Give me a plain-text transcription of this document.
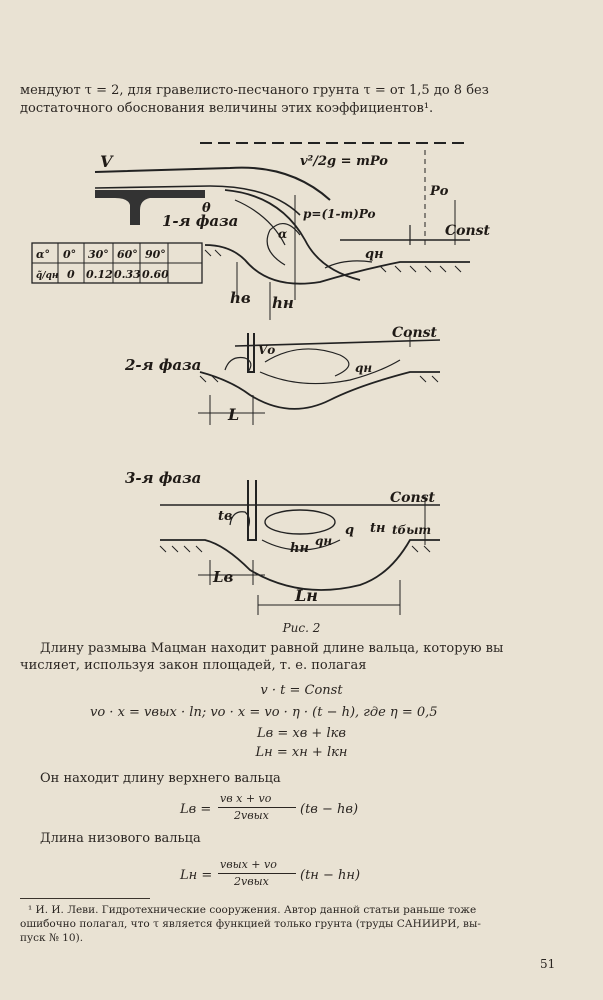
мендуют τ = 2, для гравелисто-песчаного грунта τ = от 1,5 до 8 без
достаточного обоснования величины этих коэффициентов¹.
α°
q̃/qн
0° 30° 60° 90°
0 0.12 0.33 0.60
V
θ
1-я фаза
v²/2g = mPo
Pо
p=(1-m)Po
α	Const
qн
hв hн
2-я фаза
Const
Vо
qн
L
3-я фаза
Const
tв
tн tбыт
q
hн qн
Lв
Lн
Рис. 2
Длину размыва Мацман находит равной длине вальца, которую вы
числяет, используя закон площадей, т. е. полагая
v · t = Const
vо · x = vвых · lп; vо · x = vо · η · (t − h), где η = 0,5
Lв = xв + lкв
Lн = xн + lкн
Он находит длину верхнего вальца
Lв =
vв x + vо
2vвых (tв − hв)
Длина низового вальца
Lн =
vвых + vо
2vвых (tн − hн)
¹ И. И. Леви. Гидротехнические сооружения. Автор данной статьи раньше тоже
ошибочно полагал, что τ является функцией только грунта (труды САНИИРИ, вы-
пуск № 10).
51
